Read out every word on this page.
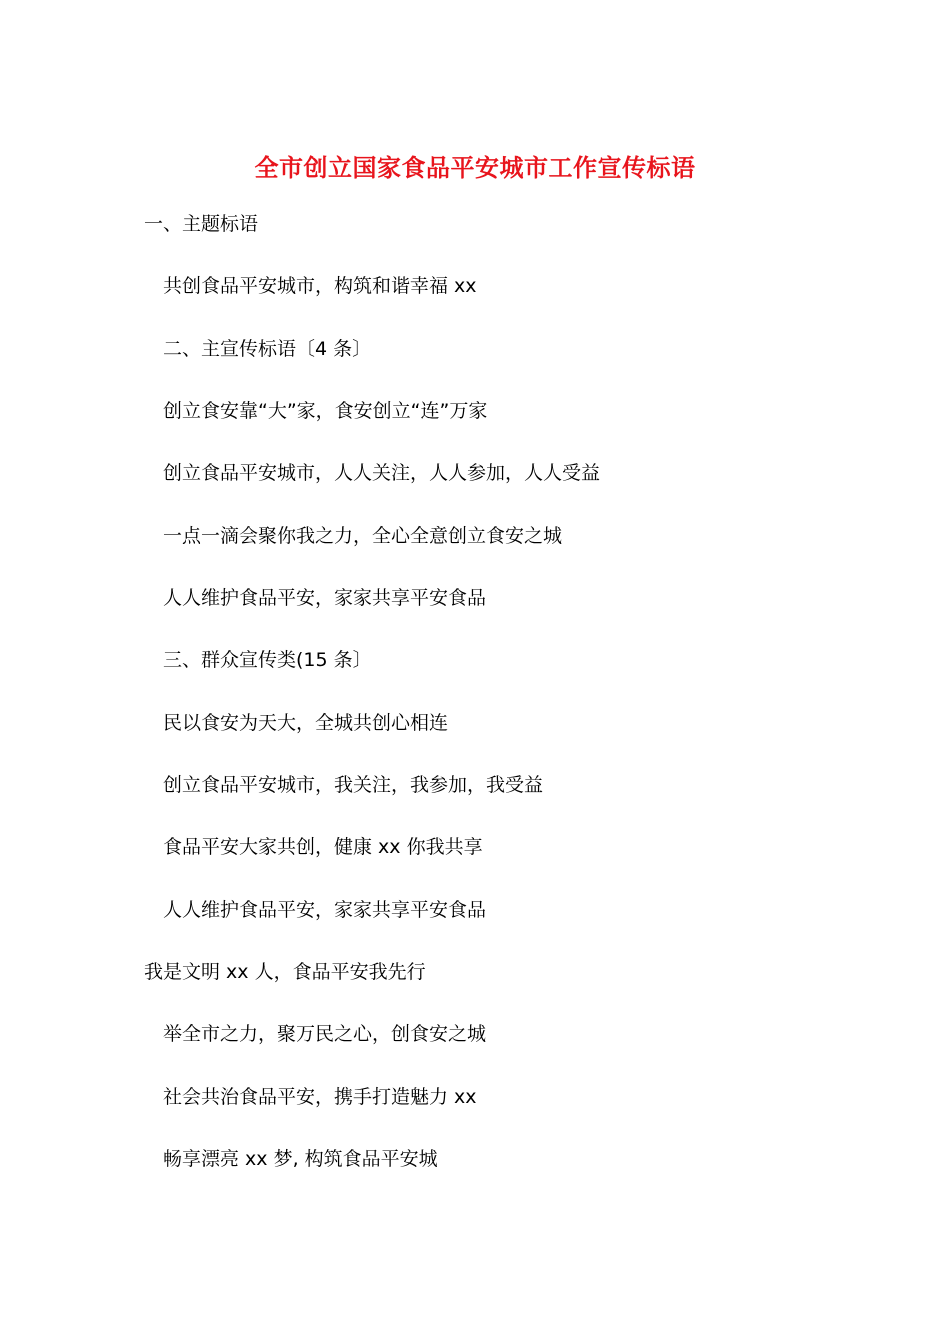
全市创立国家食品平安城市工作宣传标语
一、主题标语
共创食品平安城市，构筑和谐幸福 xx
二、主宣传标语〔4 条〕
创立食安靠“大”家，食安创立“连”万家
创立食品平安城市，人人关注，人人参加，人人受益
一点一滴会聚你我之力，全心全意创立食安之城
人人维护食品平安，家家共享平安食品
三、群众宣传类(15 条〕
民以食安为天大，全城共创心相连
创立食品平安城市，我关注，我参加，我受益
食品平安大家共创，健康 xx 你我共享
人人维护食品平安，家家共享平安食品
我是文明 xx 人，食品平安我先行
举全市之力，聚万民之心，创食安之城
社会共治食品平安，携手打造魅力 xx
畅享漂亮 xx 梦, 构筑食品平安城
